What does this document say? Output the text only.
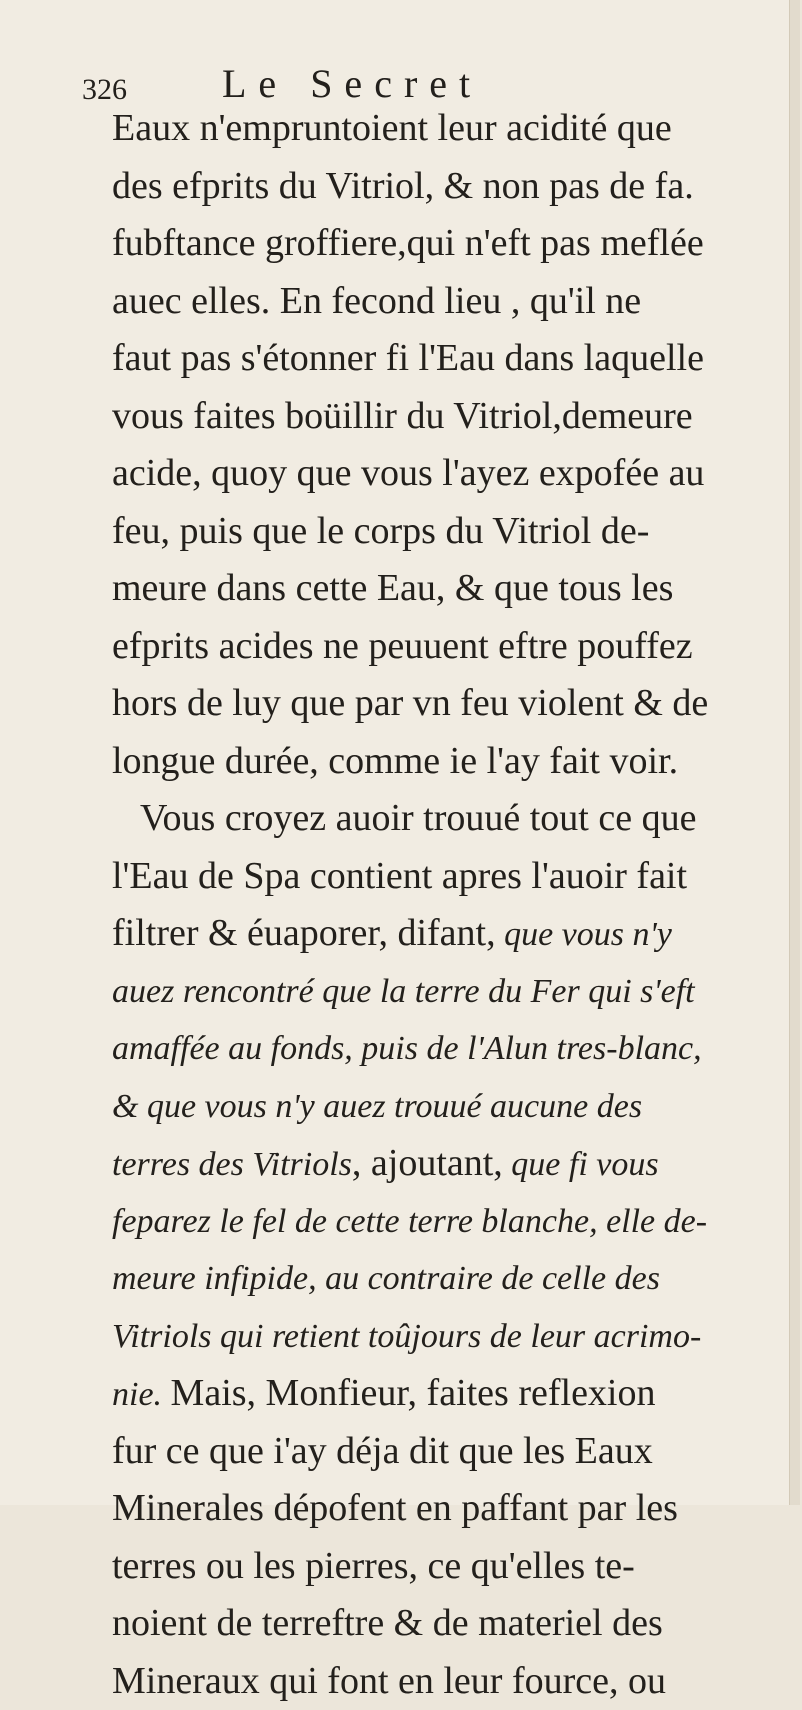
326 Le Secret
Eaux n'empruntoient leur acidité que
des efprits du Vitriol, & non pas de fa.
fubftance groffiere,qui n'eft pas meflée
auec elles. En fecond lieu , qu'il ne
faut pas s'étonner fi l'Eau dans laquelle
vous faites boüillir du Vitriol,demeure
acide, quoy que vous l'ayez expofée au
feu, puis que le corps du Vitriol de-
meure dans cette Eau, & que tous les
efprits acides ne peuuent eftre pouffez
hors de luy que par vn feu violent & de
longue durée, comme ie l'ay fait voir.
Vous croyez auoir trouué tout ce que
l'Eau de Spa contient apres l'auoir fait
filtrer & éuaporer, difant, que vous n'y
auez rencontré que la terre du Fer qui s'eft
amaffée au fonds, puis de l'Alun tres-blanc,
& que vous n'y auez trouué aucune des
terres des Vitriols, ajoutant, que fi vous
feparez le fel de cette terre blanche, elle de-
meure infipide, au contraire de celle des
Vitriols qui retient toûjours de leur acrimo-
nie. Mais, Monfieur, faites reflexion
fur ce que i'ay déja dit que les Eaux
Minerales dépofent en paffant par les
terres ou les pierres, ce qu'elles te-
noient de terreftre & de materiel des
Mineraux qui font en leur fource, ou
